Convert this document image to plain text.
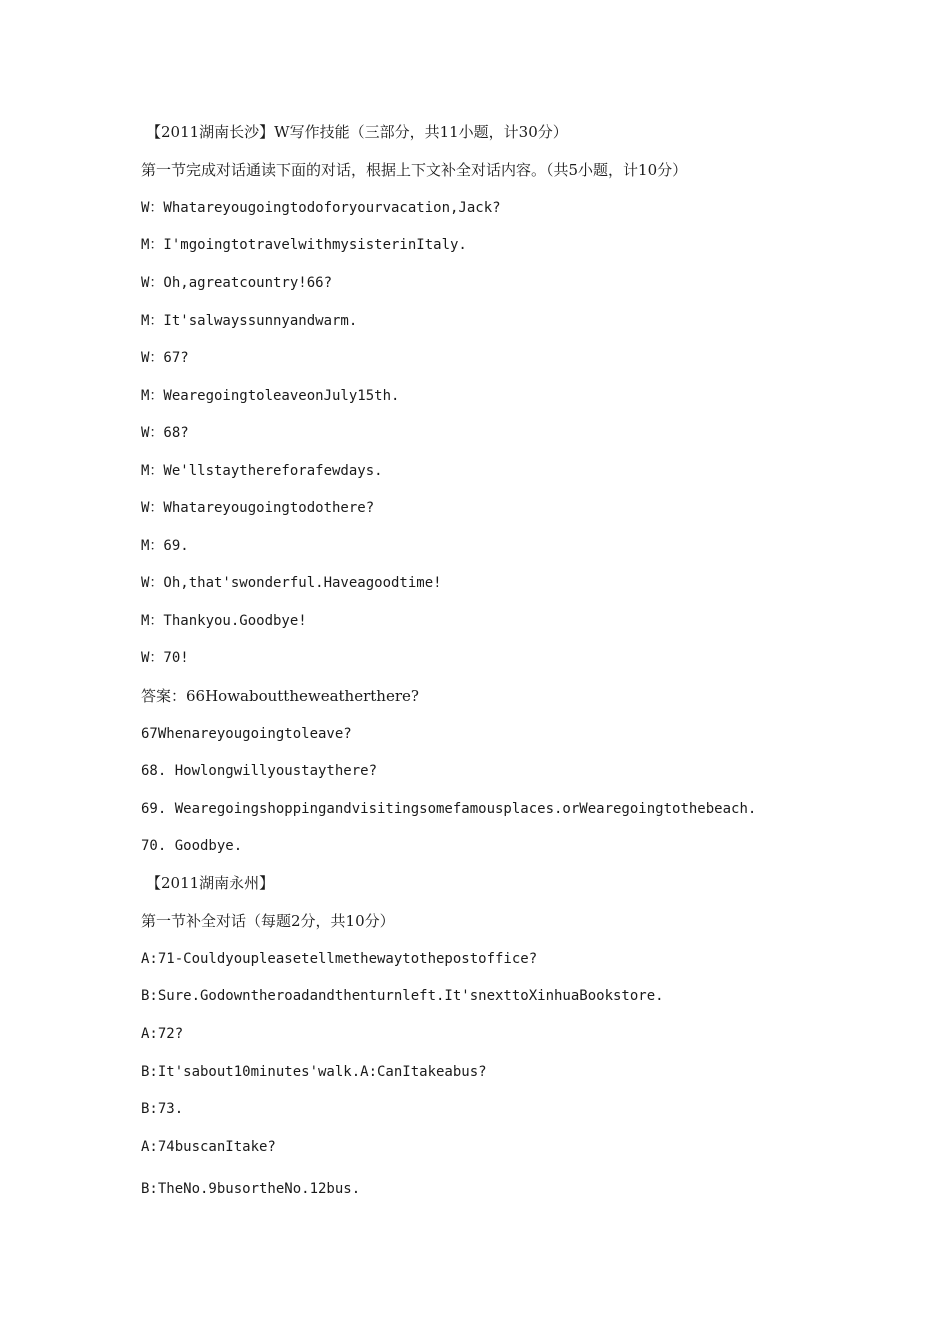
【2011湖南长沙】W写作技能（三部分，共11小题，计30分）
第一节完成对话通读下面的对话，根据上下文补全对话内容。（共5小题，计10分）
W：Whatareyougoingtodoforyourvacation,Jack?
M：I'mgoingtotravelwithmysisterinItaly.
W：Oh,agreatcountry!66?
M：It'salwayssunnyandwarm.
W：67?
M：WearegoingtoleaveonJuly15th.
W：68?
M：We'llstaythereforafewdays.
W：Whatareyougoingtodothere?
M：69.
W：Oh,that'swonderful.Haveagoodtime!
M：Thankyou.Goodbye!
W：70!
答案：66Howabouttheweatherthere?
67Whenareyougoingtoleave?
68. Howlongwillyoustaythere?
69. Wearegoingshoppingandvisitingsomefamousplaces.orWearegoingtothebeach.
70. Goodbye.
【2011湖南永州】
第一节补全对话（每题2分，共10分）
A:71-Couldyoupleasetellmethewaytothepostoffice?
B:Sure.Godowntheroadandthenturnleft.It'snexttoXinhuaBookstore.
A:72?
B:It'sabout10minutes'walk.A:CanItakeabus?
B:73.
A:74buscanItake?
B:TheNo.9busortheNo.12bus.
